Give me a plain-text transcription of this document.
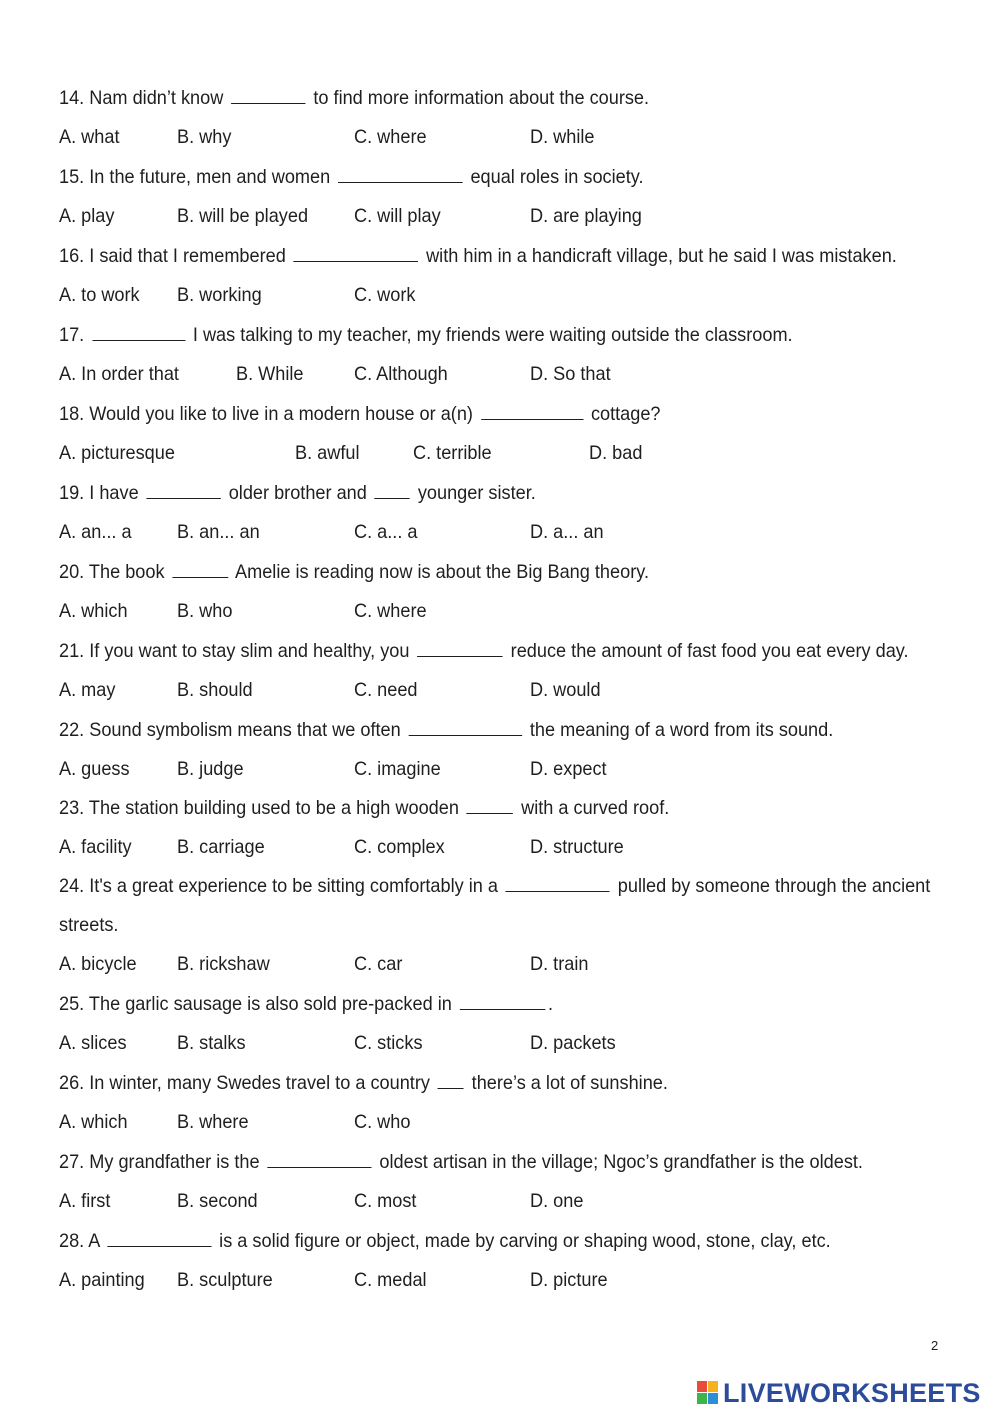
14. Nam didn’t know	to find more information about the course.

A. what	B. why	C. where	D. while

15. In the future, men and women	equal roles in society.

A. play	B. will be played C. will play	D. are playing

16. I said that I remembered	with him in a handicraft village, but he said I was mistaken.

A. to work B. working	C. work

17.	I was talking to my teacher, my friends were waiting outside the classroom.

A. In order that	B. While	C. Although	D. So that

18. Would you like to live in a modern house or a(n)	cottage?

A. picturesque	B. awful	C. terrible	D. bad

19. I have	older brother and  younger sister.

A. an... a B. an... an	C. a... a	D. a... an

20. The book	Amelie is reading now is about the Big Bang theory.

A. which	B. who	C. where

21. If you want to stay slim and healthy, you	reduce the amount of fast food you eat every day.

A. may	B. should	C. need	D. would

22. Sound symbolism means that we often	the meaning of a word from its sound.

A. guess B. judge	C. imagine	D. expect

23. The station building used to be a high wooden	with a curved roof.

A. facility B. carriage	C. complex	D. structure

24. It's a great experience to be sitting comfortably in a	pulled by someone through the ancient

streets.

A. bicycle B. rickshaw	C. car	D. train

25. The garlic sausage is also sold pre-packed in	.

A. slices	B. stalks	C. sticks	D. packets

26. In winter, many Swedes travel to a country  there’s a lot of sunshine.

A. which	B. where	C. who

27. My grandfather is the	oldest artisan in the village; Ngoc’s grandfather is the oldest.

A. first	B. second	C. most	D. one

28. A	is a solid figure or object, made by carving or shaping wood, stone, clay, etc.

A. painting B. sculpture	C. medal	D. picture
2
LIVEWORKSHEETS
